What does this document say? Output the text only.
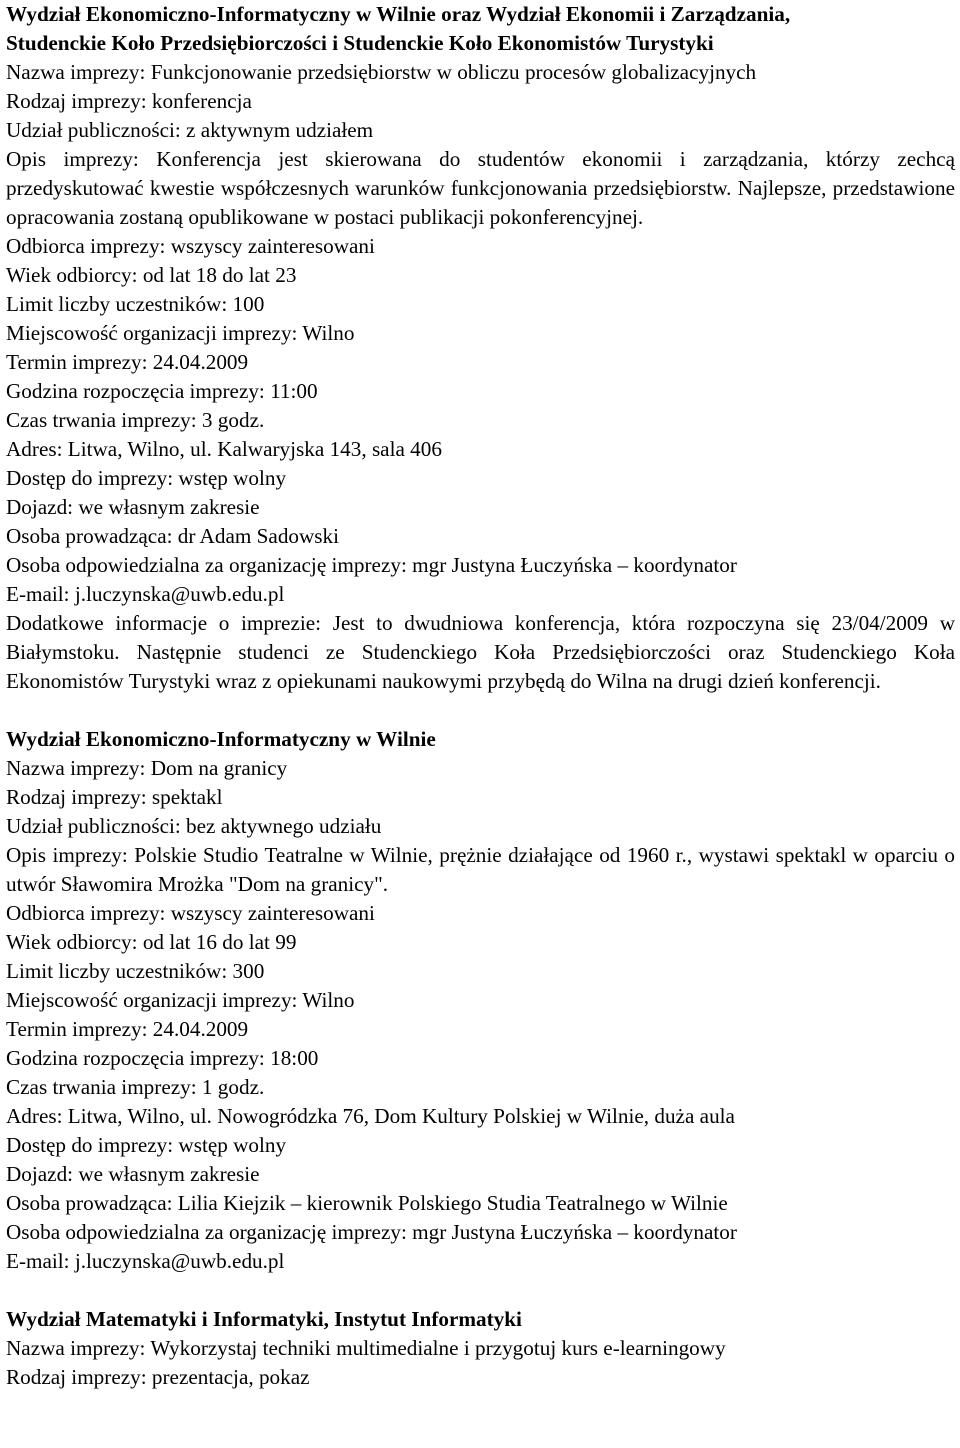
Wydział Ekonomiczno-Informatyczny w Wilnie oraz Wydział Ekonomii i Zarządzania,
Studenckie Koło Przedsiębiorczości i Studenckie Koło Ekonomistów Turystyki
Nazwa imprezy: Funkcjonowanie przedsiębiorstw w obliczu procesów globalizacyjnych
Rodzaj imprezy: konferencja
Udział publiczności: z aktywnym udziałem
Opis imprezy: Konferencja jest skierowana do studentów ekonomii i zarządzania, którzy zechcą przedyskutować kwestie współczesnych warunków funkcjonowania przedsiębiorstw. Najlepsze, przedstawione opracowania zostaną opublikowane w postaci publikacji pokonferencyjnej.
Odbiorca imprezy: wszyscy zainteresowani
Wiek odbiorcy: od lat 18 do lat 23
Limit liczby uczestników: 100
Miejscowość organizacji imprezy: Wilno
Termin imprezy: 24.04.2009
Godzina rozpoczęcia imprezy: 11:00
Czas trwania imprezy: 3 godz.
Adres: Litwa, Wilno, ul. Kalwaryjska 143, sala 406
Dostęp do imprezy: wstęp wolny
Dojazd: we własnym zakresie
Osoba prowadząca: dr Adam Sadowski
Osoba odpowiedzialna za organizację imprezy: mgr Justyna Łuczyńska – koordynator
E-mail: j.luczynska@uwb.edu.pl
Dodatkowe informacje o imprezie: Jest to dwudniowa konferencja, która rozpoczyna się 23/04/2009 w Białymstoku. Następnie studenci ze Studenckiego Koła Przedsiębiorczości oraz Studenckiego Koła Ekonomistów Turystyki wraz z opiekunami naukowymi przybędą do Wilna na drugi dzień konferencji.
Wydział Ekonomiczno-Informatyczny w Wilnie
Nazwa imprezy: Dom na granicy
Rodzaj imprezy: spektakl
Udział publiczności: bez aktywnego udziału
Opis imprezy: Polskie Studio Teatralne w Wilnie, prężnie działające od 1960 r., wystawi spektakl w oparciu o utwór Sławomira Mrożka "Dom na granicy".
Odbiorca imprezy: wszyscy zainteresowani
Wiek odbiorcy: od lat 16 do lat 99
Limit liczby uczestników: 300
Miejscowość organizacji imprezy: Wilno
Termin imprezy: 24.04.2009
Godzina rozpoczęcia imprezy: 18:00
Czas trwania imprezy: 1 godz.
Adres: Litwa, Wilno, ul. Nowogródzka 76, Dom Kultury Polskiej w Wilnie, duża aula
Dostęp do imprezy: wstęp wolny
Dojazd: we własnym zakresie
Osoba prowadząca: Lilia Kiejzik – kierownik Polskiego Studia Teatralnego w Wilnie
Osoba odpowiedzialna za organizację imprezy: mgr Justyna Łuczyńska – koordynator
E-mail: j.luczynska@uwb.edu.pl
Wydział Matematyki i Informatyki, Instytut Informatyki
Nazwa imprezy: Wykorzystaj techniki multimedialne i przygotuj kurs e-learningowy
Rodzaj imprezy: prezentacja, pokaz
